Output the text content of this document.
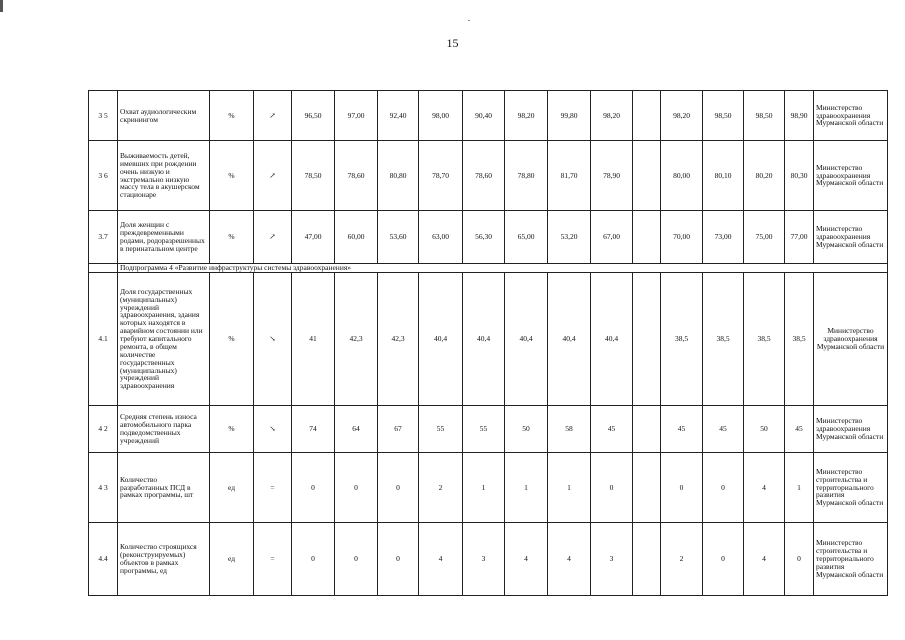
15
3 5	Охват аудиологическим скринингом	%	↗	96,50	97,00	92,40	98,00	90,40	98,20	99,80	98,20		98,20	98,50	98,50	98,90	Министерство здравоохранения Мурманской области
3 6	Выживаемость детей, имевших при рождении очень низкую и экстремально низкую массу тела в акушерском стационаре	%	↗	78,50	78,60	80,80	78,70	78,60	78,80	81,70	78,90		80,00	80,10	80,20	80,30	Министерство здравоохранения Мурманской области
3.7	Доля женщин с преждевременными родами, родоразрешенных в перинатальном центре	%	↗	47,00	60,00	53,60	63,00	56,30	65,00	53,20	67,00		70,00	73,00	75,00	77,00	Министерство здравоохранения Мурманской области
	Подпрограмма 4 «Развитие инфраструктуры системы здравоохранения»																
4.1	Доля государственных (муниципальных) учреждений здравоохранения, здания которых находятся в аварийном состоянии или требуют капитального ремонта, в общем количестве государственных (муниципальных) учреждений здравоохранения	%	↘	41	42,3	42,3	40,4	40,4	40,4	40,4	40,4		38,5	38,5	38,5	38,5	Министерство здравоохранения Мурманской области
4 2	Средняя степень износа автомобильного парка подведомственных учреждений	%	↘	74	64	67	55	55	50	58	45		45	45	50	45	Министерство здравоохранения Мурманской области
4 3	Количество разработанных ПСД в рамках программы, шт	ед	=	0	0	0	2	1	1	1	0		0	0	4	1	Министерство строительства и территориального развития Мурманской области
4.4	Количество строящихся (реконструируемых) объектов в рамках программы, ед	ед	=	0	0	0	4	3	4	4	3		2	0	4	0	Министерство строительства и территориального развития Мурманской области
